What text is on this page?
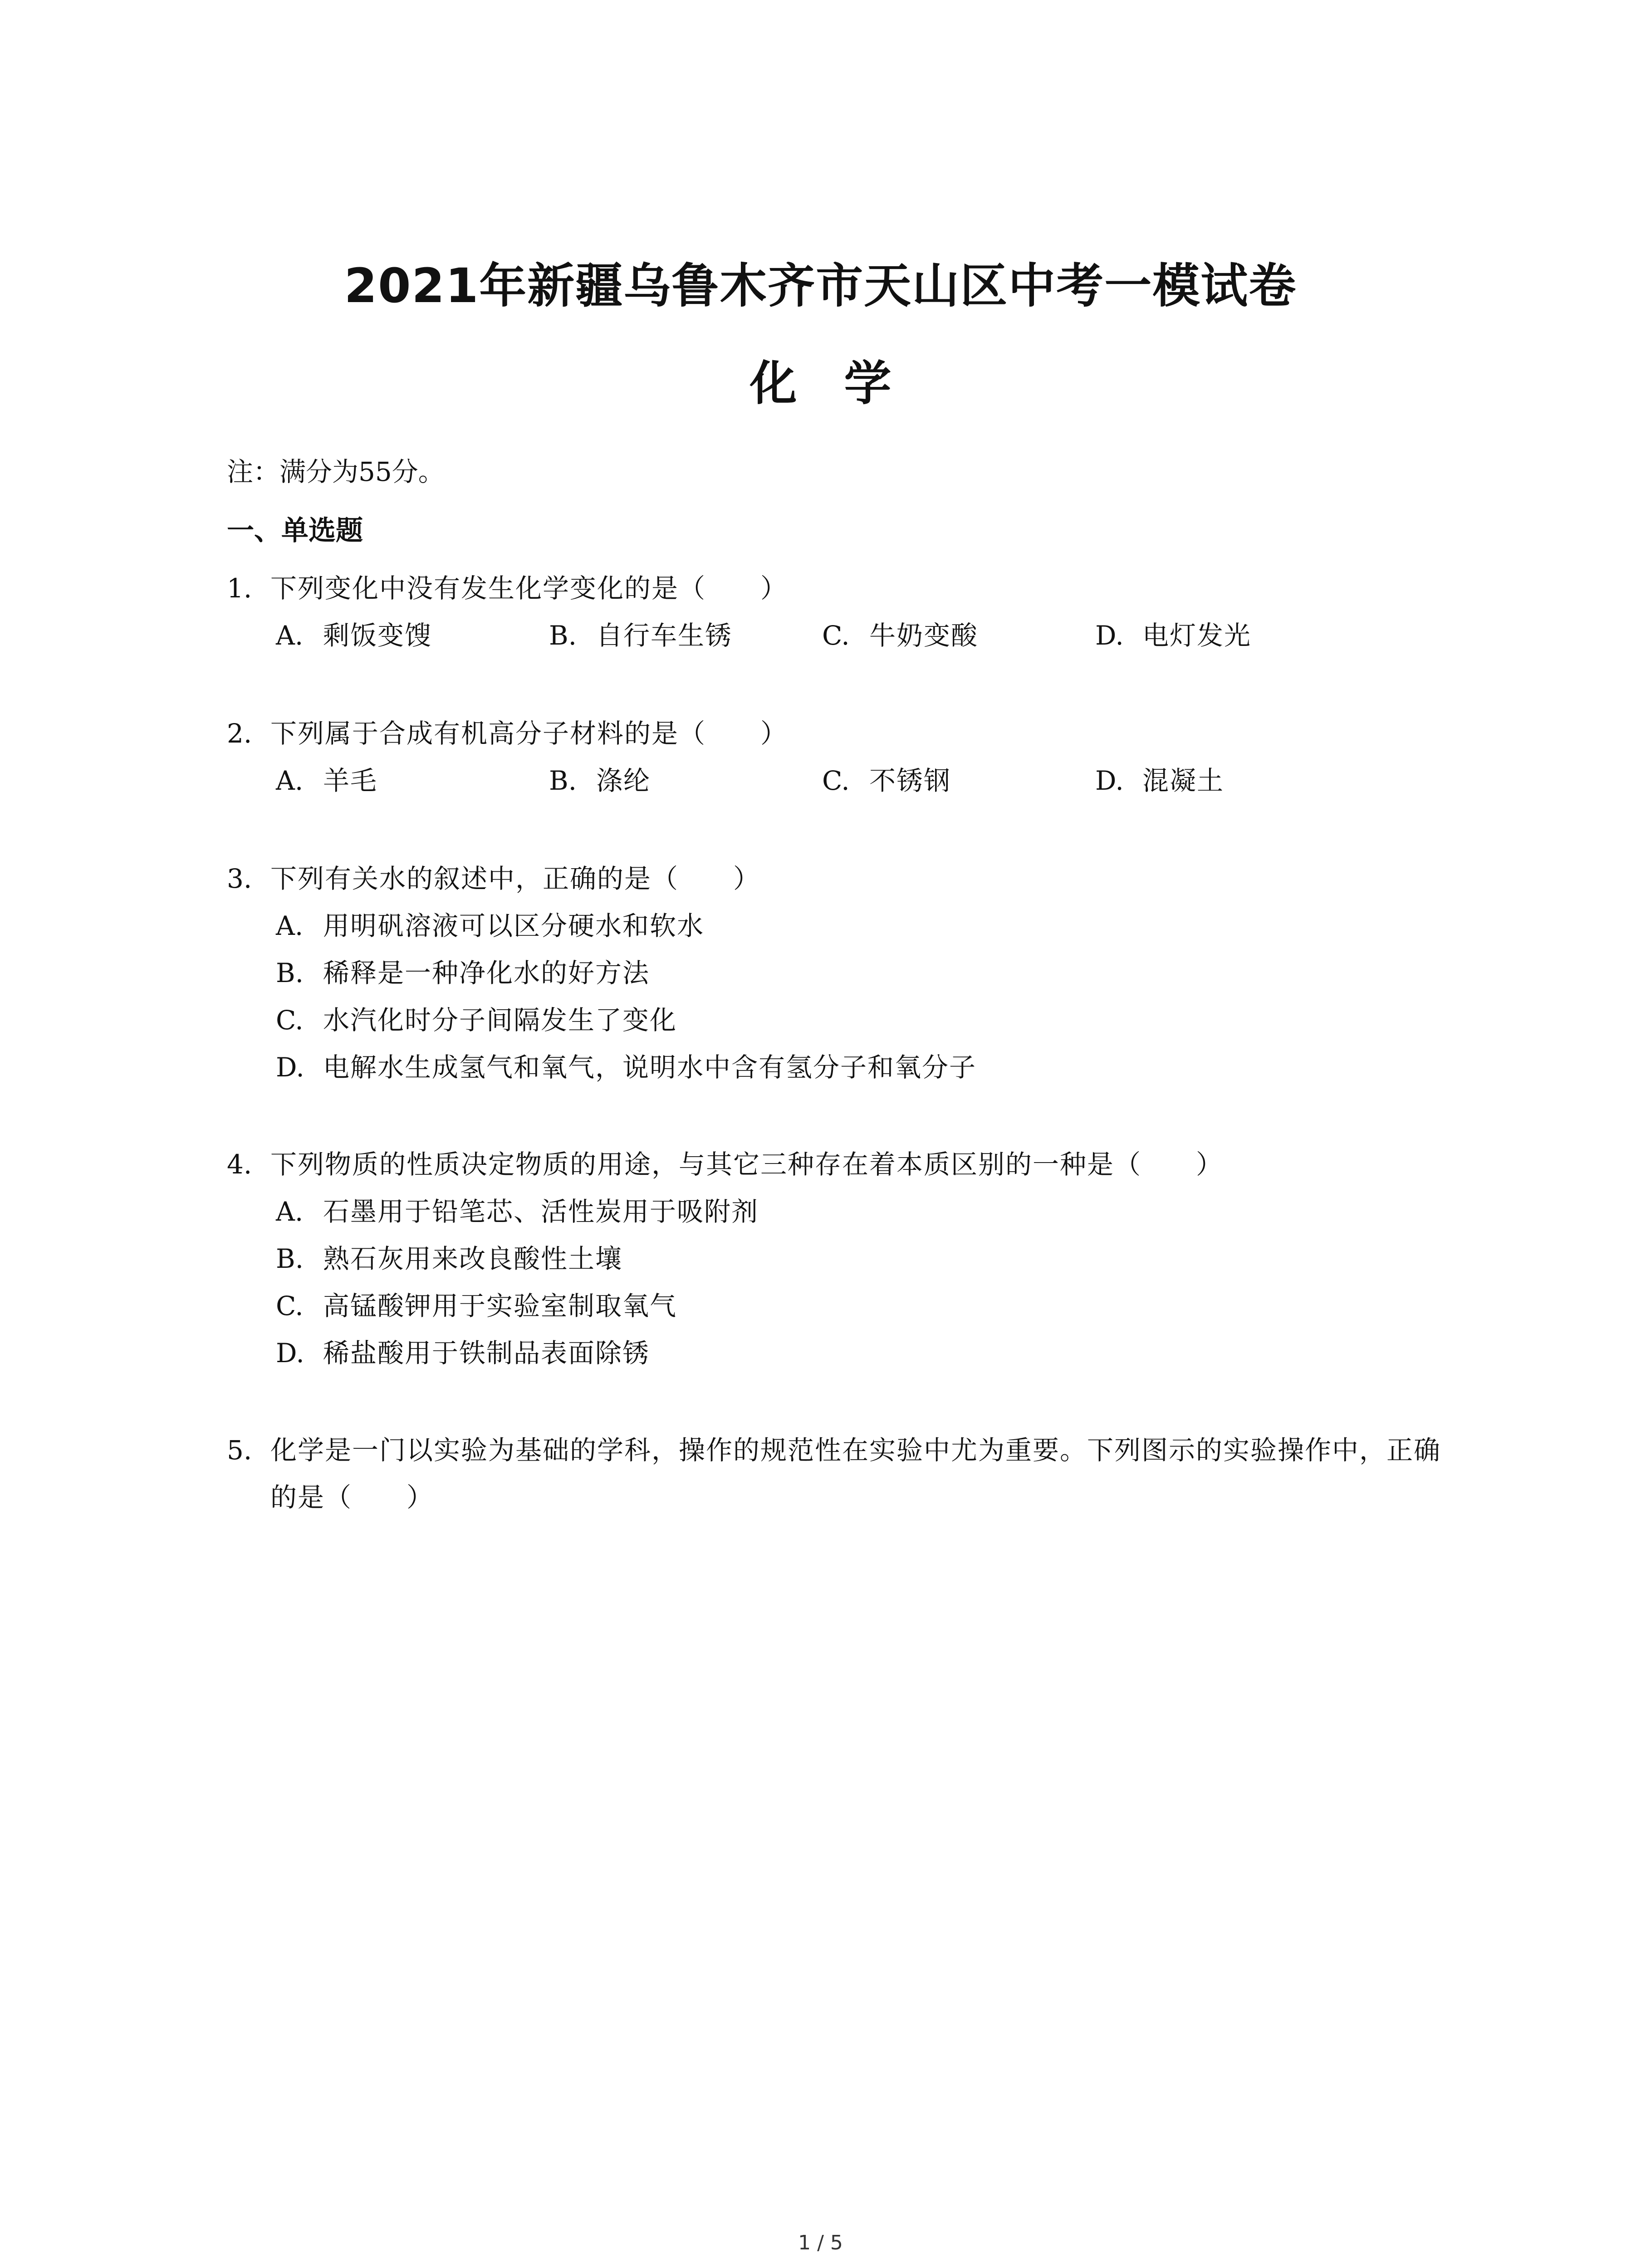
2021年新疆乌鲁木齐市天山区中考一模试卷
化　学
注：满分为55分。
一、单选题
1. 下列变化中没有发生化学变化的是（　　）
A. 剩饭变馊	B. 自行车生锈	C. 牛奶变酸	D. 电灯发光
2. 下列属于合成有机高分子材料的是（　　）
A. 羊毛	B. 涤纶	C. 不锈钢	D. 混凝土
3. 下列有关水的叙述中，正确的是（　　）
A. 用明矾溶液可以区分硬水和软水
B. 稀释是一种净化水的好方法
C. 水汽化时分子间隔发生了变化
D. 电解水生成氢气和氧气，说明水中含有氢分子和氧分子
4. 下列物质的性质决定物质的用途，与其它三种存在着本质区别的一种是（　　）
A. 石墨用于铅笔芯、活性炭用于吸附剂
B. 熟石灰用来改良酸性土壤
C. 高锰酸钾用于实验室制取氧气
D. 稀盐酸用于铁制品表面除锈
5. 化学是一门以实验为基础的学科，操作的规范性在实验中尤为重要。下列图示的实验操作中，正确的是（　　）
1 / 5
